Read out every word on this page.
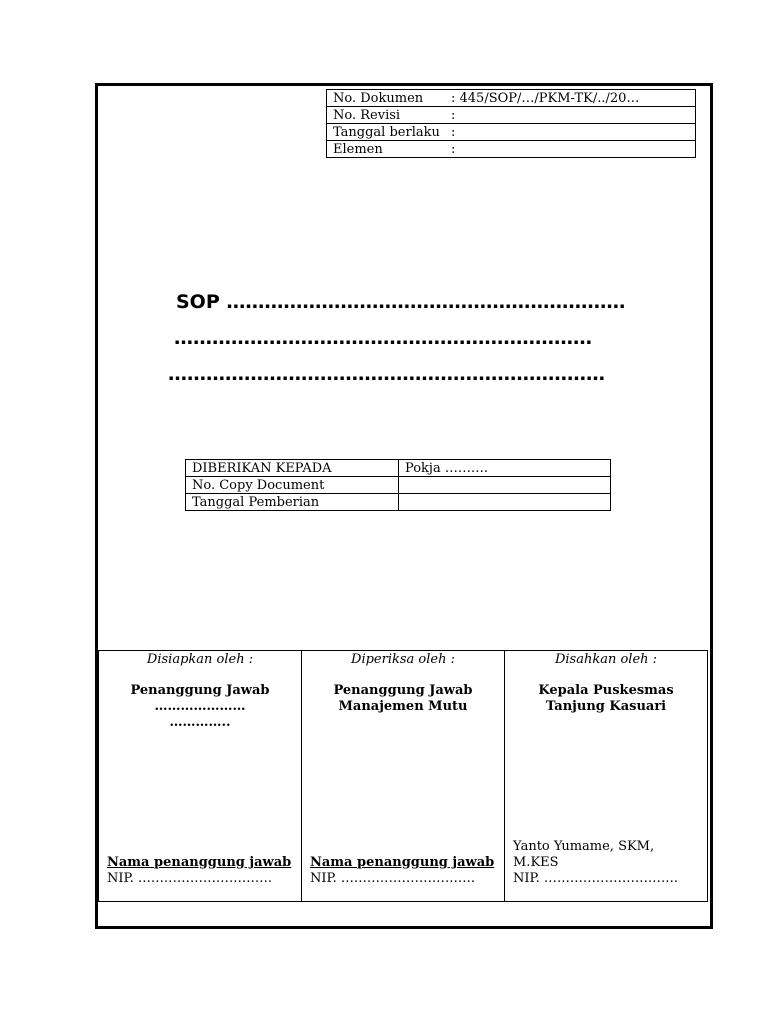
No. Dokumen : 445/SOP/…/PKM-TK/../20…
No. Revisi	:
Tanggal berlaku :
Elemen	:
SOP ………………………………………………………
…………………………………………………………
……………………………………………………………
DIBERIKAN KEPADA	Pokja ……….
No. Copy Document	
Tanggal Pemberian	
Disiapkan oleh :
Penanggung Jawab
…………………
…………..
Nama penanggung jawab
NIP. ………………………….

Diperiksa oleh :
Penanggung Jawab
Manajemen Mutu
Nama penanggung jawab
NIP. ………………………….

Disahkan oleh :
Kepala Puskesmas
Tanjung Kasuari
Yanto Yumame, SKM, M.KES
NIP. ………………………….
